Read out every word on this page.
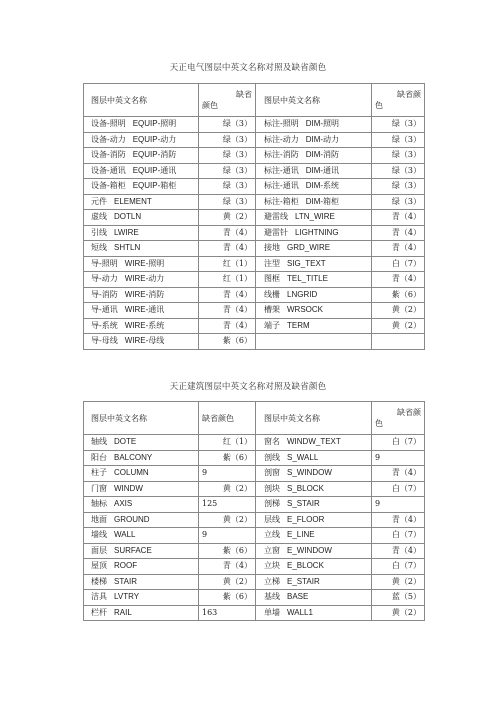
天正电气图层中英文名称对照及缺省颜色
图层中英文名称	缺省
颜色	图层中英文名称	缺省颜
色

设备-照明 EQUIP-照明	绿（3）	标注-照明 DIM-照明	绿（3）
设备-动力 EQUIP-动力	绿（3）	标注-动力 DIM-动力	绿（3）
设备-消防 EQUIP-消防	绿（3）	标注-消防 DIM-消防	绿（3）
设备-通讯 EQUIP-通讯	绿（3）	标注-通讯 DIM-通讯	绿（3）
设备-箱柜 EQUIP-箱柜	绿（3）	标注-通讯 DIM-系统	绿（3）
元件 ELEMENT	绿（3）	标注-箱柜 DIM-箱柜	绿（3）
虚线 DOTLN	黄（2）	避雷线 LTN_WIRE	青（4）
引线 LWIRE	青（4）	避雷针 LIGHTNING	青（4）
短线 SHTLN	青（4）	接地 GRD_WIRE	青（4）
导-照明 WIRE-照明	红（1）	注型 SIG_TEXT	白（7）
导-动力 WIRE-动力	红（1）	图框 TEL_TITLE	青（4）
导-消防 WIRE-消防	青（4）	线栅 LNGRID	紫（6）
导-通讯 WIRE-通讯	青（4）	槽架 WRSOCK	黄（2）
导-系统 WIRE-系统	青（4）	端子 TERM	黄（2）
导-母线 WIRE-母线	紫（6）		
天正建筑图层中英文名称对照及缺省颜色
图层中英文名称	缺省颜色	图层中英文名称	缺省颜
色

轴线 DOTE	红（1）	窗名 WINDW_TEXT	白（7）
阳台 BALCONY	紫（6）	剖线 S_WALL	9
柱子 COLUMN	9	剖窗 S_WINDOW	青（4）
门窗 WINDW	黄（2）	剖块 S_BLOCK	白（7）
轴标 AXIS	125	剖梯 S_STAIR	9
地面 GROUND	黄（2）	层线 E_FLOOR	青（4）
墙线 WALL	9	立线 E_LINE	白（7）
面层 SURFACE	紫（6）	立窗 E_WINDOW	青（4）
屋顶 ROOF	青（4）	立块 E_BLOCK	白（7）
楼梯 STAIR	黄（2）	立梯 E_STAIR	黄（2）
洁具 LVTRY	紫（6）	基线 BASE	蓝（5）
栏杆 RAIL	163	单墙 WALL1	黄（2）
